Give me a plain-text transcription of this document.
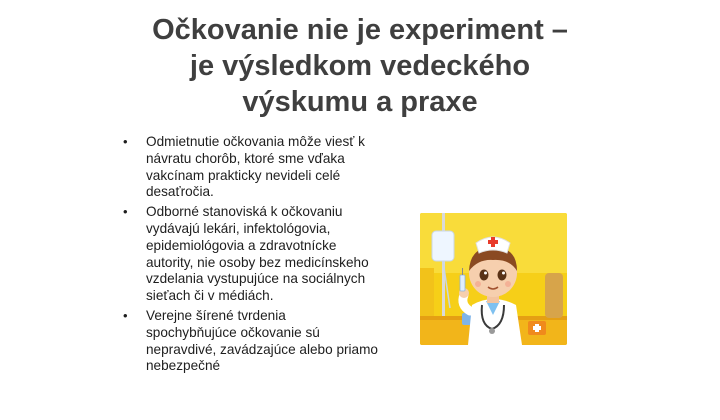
Očkovanie nie je experiment –
je výsledkom vedeckého
výskumu a praxe
• Odmietnutie očkovania môže viesť k návratu chorôb, ktoré sme vďaka vakcínam prakticky nevideli celé desaťročia.
• Odborné stanoviská k očkovaniu vydávajú lekári, infektológovia, epidemiológovia a zdravotnícke autority, nie osoby bez medicínskeho vzdelania vystupujúce na sociálnych sieťach či v médiách.
• Verejne šírené tvrdenia spochybňujúce očkovanie sú nepravdivé, zavádzajúce alebo priamo nebezpečné
